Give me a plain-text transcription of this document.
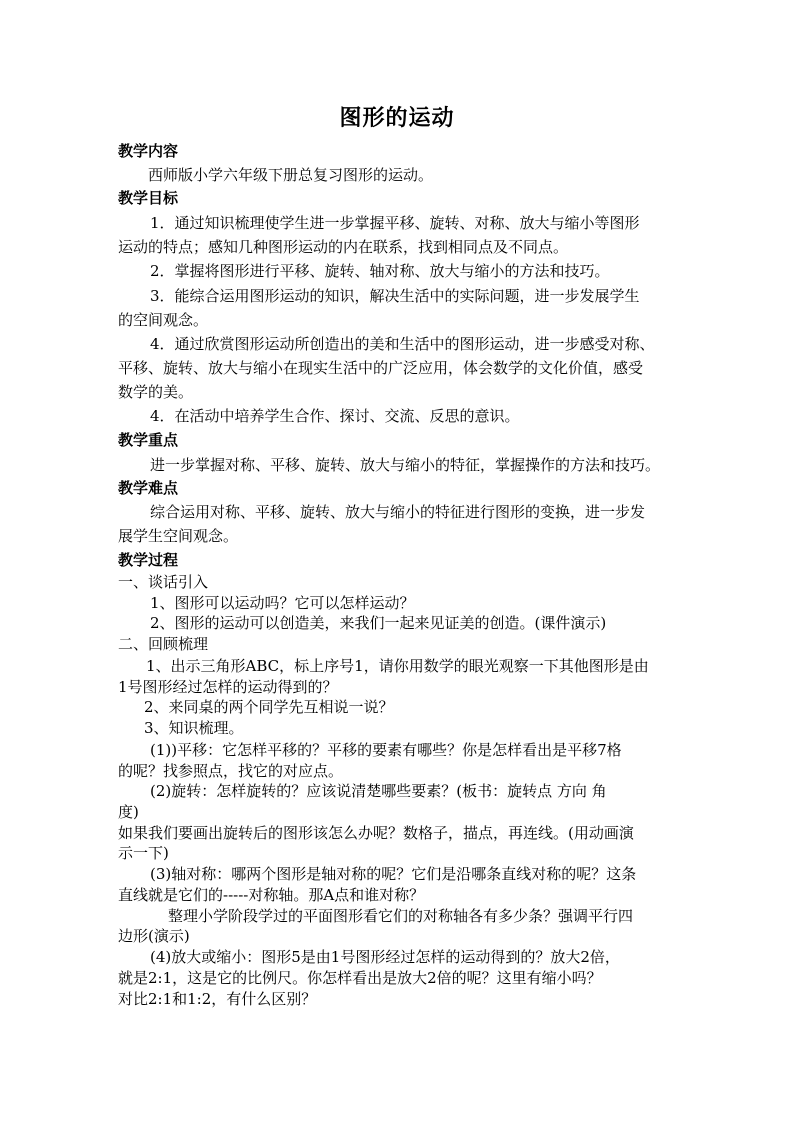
图形的运动
教学内容
西师版小学六年级下册总复习图形的运动。
教学目标
1．通过知识梳理使学生进一步掌握平移、旋转、对称、放大与缩小等图形
运动的特点；感知几种图形运动的内在联系，找到相同点及不同点。
2．掌握将图形进行平移、旋转、轴对称、放大与缩小的方法和技巧。
3．能综合运用图形运动的知识，解决生活中的实际问题，进一步发展学生
的空间观念。
4．通过欣赏图形运动所创造出的美和生活中的图形运动，进一步感受对称、
平移、旋转、放大与缩小在现实生活中的广泛应用，体会数学的文化价值，感受
数学的美。
4．在活动中培养学生合作、探讨、交流、反思的意识。
教学重点
进一步掌握对称、平移、旋转、放大与缩小的特征，掌握操作的方法和技巧。
教学难点
综合运用对称、平移、旋转、放大与缩小的特征进行图形的变换，进一步发
展学生空间观念。
教学过程
一、谈话引入
1、图形可以运动吗？它可以怎样运动？
2、图形的运动可以创造美，来我们一起来见证美的创造。(课件演示)
二、回顾梳理
1、出示三角形ABC，标上序号1，请你用数学的眼光观察一下其他图形是由
1号图形经过怎样的运动得到的？
2、来同桌的两个同学先互相说一说？
3、知识梳理。
(1))平移：它怎样平移的？平移的要素有哪些？你是怎样看出是平移7格
的呢？找参照点，找它的对应点。
(2)旋转：怎样旋转的？应该说清楚哪些要素？(板书：旋转点 方向 角
度)
如果我们要画出旋转后的图形该怎么办呢？数格子，描点，再连线。(用动画演
示一下)
(3)轴对称：哪两个图形是轴对称的呢？它们是沿哪条直线对称的呢？这条
直线就是它们的-----对称轴。那A点和谁对称？
整理小学阶段学过的平面图形看它们的对称轴各有多少条？强调平行四
边形(演示)
(4)放大或缩小：图形5是由1号图形经过怎样的运动得到的？放大2倍，
就是2:1，这是它的比例尺。你怎样看出是放大2倍的呢？这里有缩小吗？
对比2:1和1:2，有什么区别？
